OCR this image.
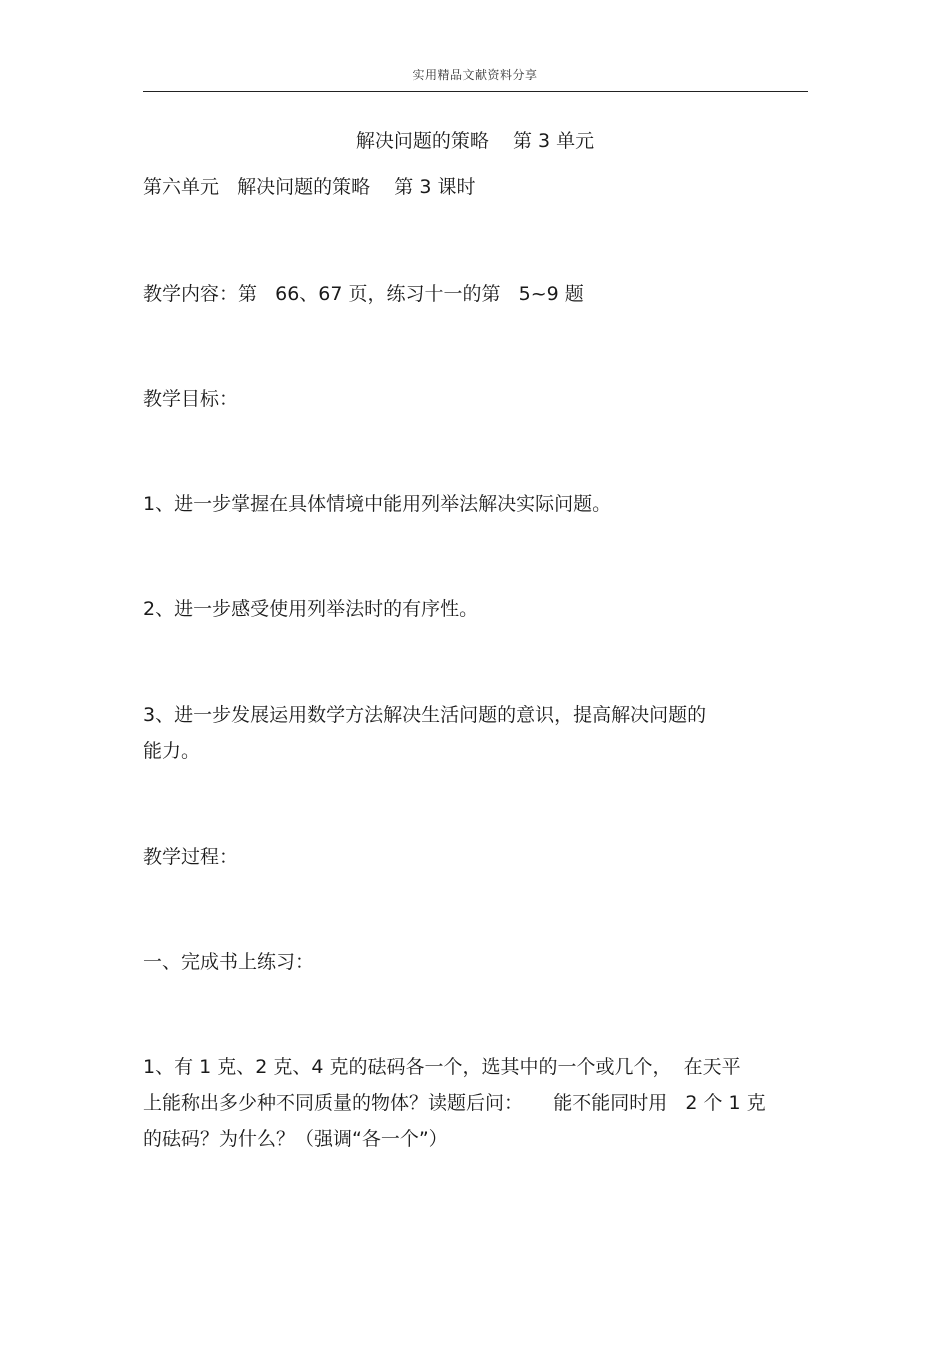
实用精品文献资料分享
解决问题的策略    第 3 单元
第六单元   解决问题的策略    第 3 课时
教学内容：第   66、67 页，练习十一的第   5~9 题
教学目标：
1、进一步掌握在具体情境中能用列举法解决实际问题。
2、进一步感受使用列举法时的有序性。
3、进一步发展运用数学方法解决生活问题的意识，提高解决问题的
能力。
教学过程：
一、完成书上练习：
1、有 1 克、2 克、4 克的砝码各一个，选其中的一个或几个，  在天平
上能称出多少种不同质量的物体？读题后问：     能不能同时用   2 个 1 克
的砝码？为什么？（强调“各一个”）
